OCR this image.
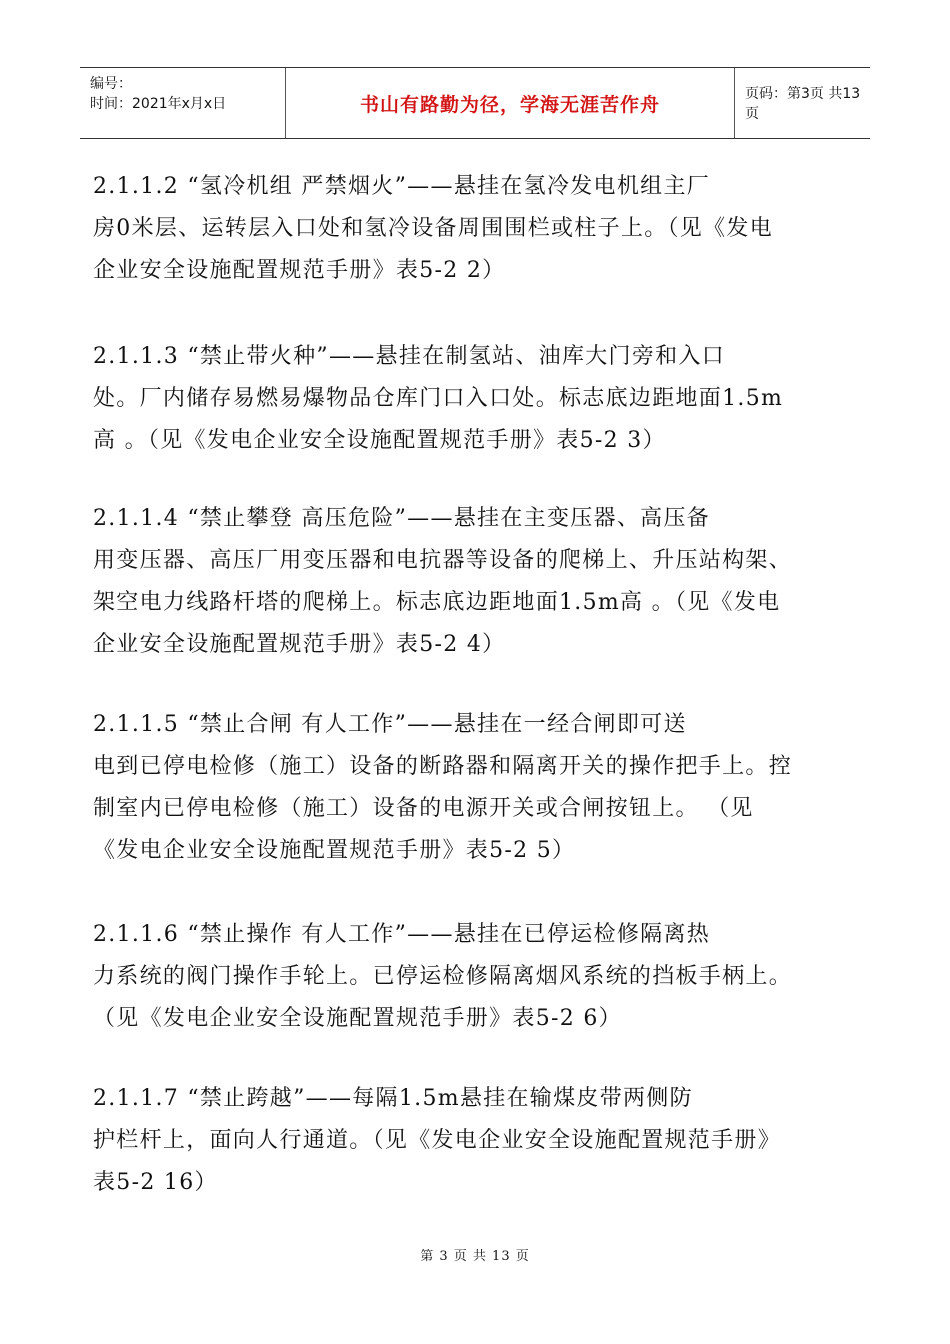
编号：
时间：2021年x月x日	书山有路勤为径，学海无涯苦作舟	页码：第3页 共13页
2.1.1.2 “氢冷机组 严禁烟火”——悬挂在氢冷发电机组主厂
房0米层、运转层入口处和氢冷设备周围围栏或柱子上。（见《发电
企业安全设施配置规范手册》表5-2 2）
2.1.1.3 “禁止带火种”——悬挂在制氢站、油库大门旁和入口
处。厂内储存易燃易爆物品仓库门口入口处。标志底边距地面1.5m
高 。（见《发电企业安全设施配置规范手册》表5-2 3）
2.1.1.4 “禁止攀登 高压危险”——悬挂在主变压器、高压备
用变压器、高压厂用变压器和电抗器等设备的爬梯上、升压站构架、
架空电力线路杆塔的爬梯上。标志底边距地面1.5m高 。（见《发电
企业安全设施配置规范手册》表5-2 4）
2.1.1.5 “禁止合闸 有人工作”——悬挂在一经合闸即可送
电到已停电检修（施工）设备的断路器和隔离开关的操作把手上。控
制室内已停电检修（施工）设备的电源开关或合闸按钮上。 （见
《发电企业安全设施配置规范手册》表5-2 5）
2.1.1.6 “禁止操作 有人工作”——悬挂在已停运检修隔离热
力系统的阀门操作手轮上。已停运检修隔离烟风系统的挡板手柄上。
（见《发电企业安全设施配置规范手册》表5-2 6）
2.1.1.7 “禁止跨越”——每隔1.5m悬挂在输煤皮带两侧防
护栏杆上，面向人行通道。（见《发电企业安全设施配置规范手册》
表5-2 16）
第 3 页 共 13 页
